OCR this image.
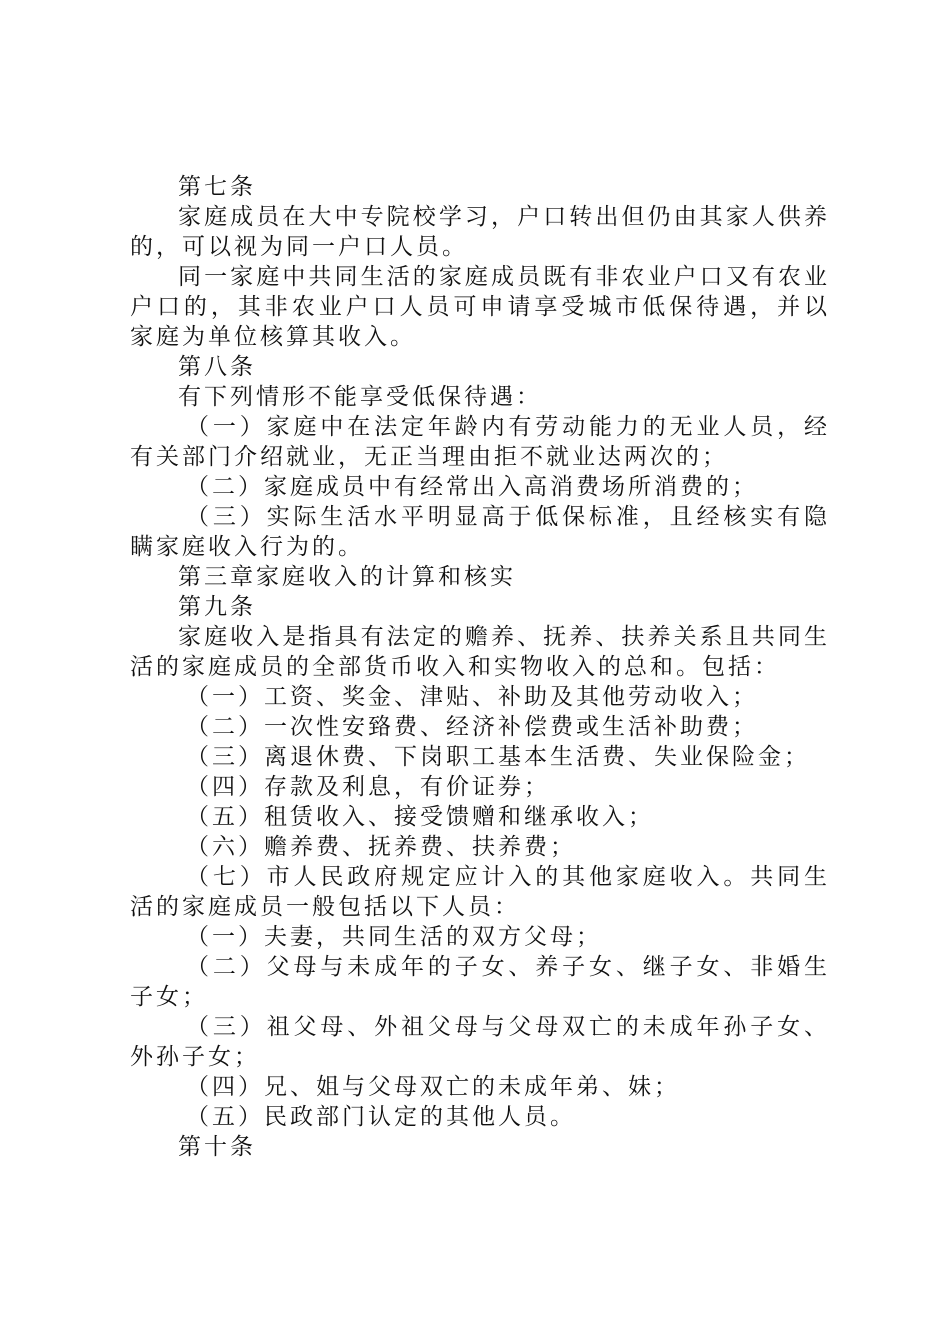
第七条

家庭成员在大中专院校学习，户口转出但仍由其家人供养的，可以视为同一户口人员。

同一家庭中共同生活的家庭成员既有非农业户口又有农业户口的，其非农业户口人员可申请享受城市低保待遇，并以家庭为单位核算其收入。

第八条

有下列情形不能享受低保待遇：

（一）家庭中在法定年龄内有劳动能力的无业人员，经有关部门介绍就业，无正当理由拒不就业达两次的；

（二）家庭成员中有经常出入高消费场所消费的；

（三）实际生活水平明显高于低保标准，且经核实有隐瞒家庭收入行为的。

第三章家庭收入的计算和核实

第九条

家庭收入是指具有法定的赡养、抚养、扶养关系且共同生活的家庭成员的全部货币收入和实物收入的总和。包括：

（一）工资、奖金、津贴、补助及其他劳动收入；

（二）一次性安臵费、经济补偿费或生活补助费；

（三）离退休费、下岗职工基本生活费、失业保险金；

（四）存款及利息，有价证券；

（五）租赁收入、接受馈赠和继承收入；

（六）赡养费、抚养费、扶养费；

（七）市人民政府规定应计入的其他家庭收入。共同生活的家庭成员一般包括以下人员：

（一）夫妻，共同生活的双方父母；

（二）父母与未成年的子女、养子女、继子女、非婚生子女；

（三）祖父母、外祖父母与父母双亡的未成年孙子女、外孙子女；

（四）兄、姐与父母双亡的未成年弟、妹；

（五）民政部门认定的其他人员。

第十条
